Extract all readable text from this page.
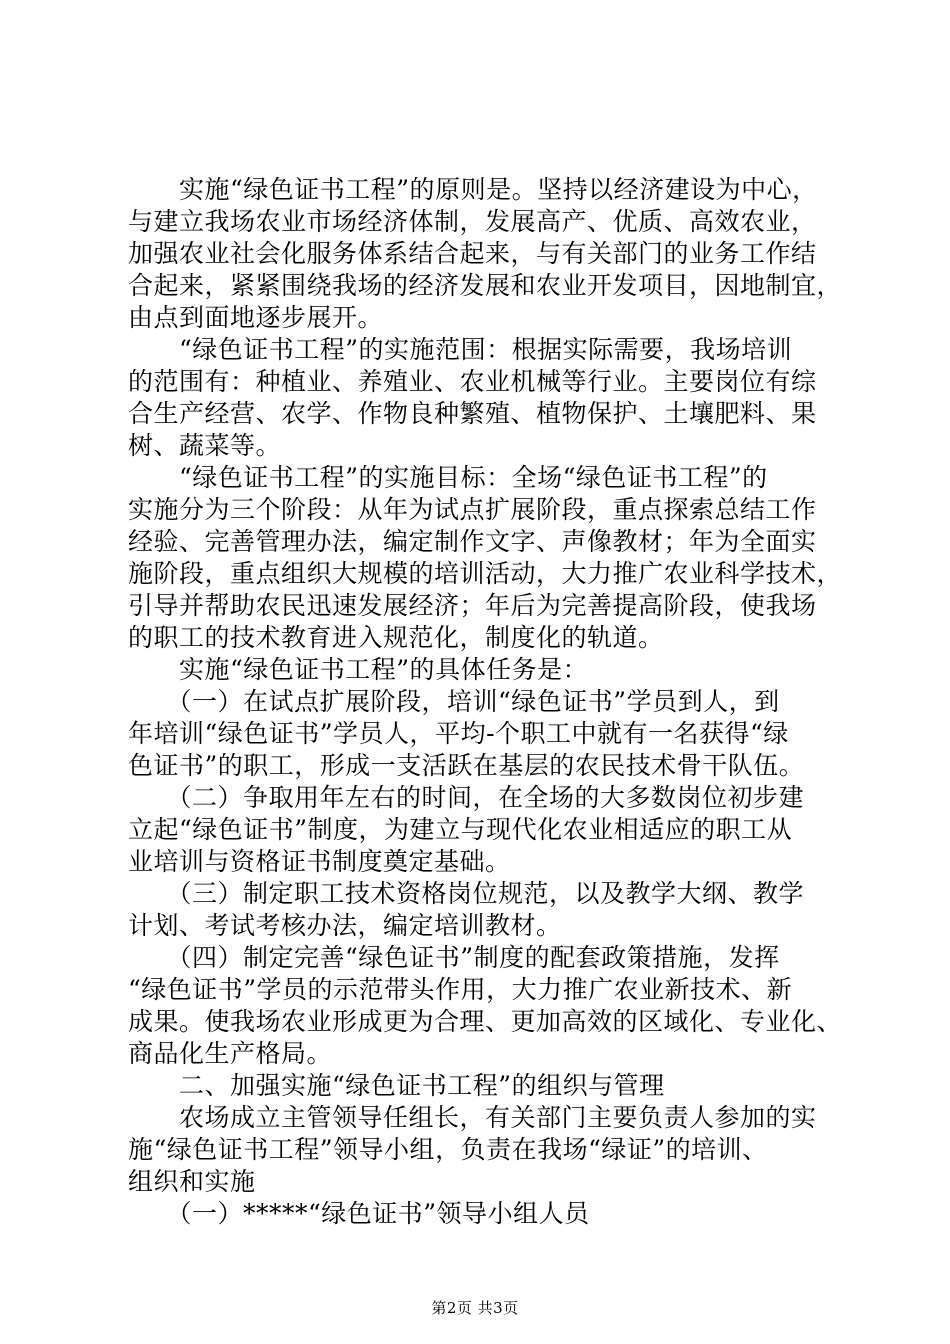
　　实施“绿色证书工程”的原则是。坚持以经济建设为中心，
与建立我场农业市场经济体制，发展高产、优质、高效农业，
加强农业社会化服务体系结合起来，与有关部门的业务工作结
合起来，紧紧围绕我场的经济发展和农业开发项目，因地制宜，
由点到面地逐步展开。
　　“绿色证书工程”的实施范围：根据实际需要，我场培训
的范围有：种植业、养殖业、农业机械等行业。主要岗位有综
合生产经营、农学、作物良种繁殖、植物保护、土壤肥料、果
树、蔬菜等。
　　“绿色证书工程”的实施目标：全场“绿色证书工程”的
实施分为三个阶段：从年为试点扩展阶段，重点探索总结工作
经验、完善管理办法，编定制作文字、声像教材；年为全面实
施阶段，重点组织大规模的培训活动，大力推广农业科学技术，
引导并帮助农民迅速发展经济；年后为完善提高阶段，使我场
的职工的技术教育进入规范化，制度化的轨道。
　　实施“绿色证书工程”的具体任务是：
　　（一）在试点扩展阶段，培训“绿色证书”学员到人，到
年培训“绿色证书”学员人，平均-个职工中就有一名获得“绿
色证书”的职工，形成一支活跃在基层的农民技术骨干队伍。
　　（二）争取用年左右的时间，在全场的大多数岗位初步建
立起“绿色证书”制度，为建立与现代化农业相适应的职工从
业培训与资格证书制度奠定基础。
　　（三）制定职工技术资格岗位规范，以及教学大纲、教学
计划、考试考核办法，编定培训教材。
　　（四）制定完善“绿色证书”制度的配套政策措施，发挥
“绿色证书”学员的示范带头作用，大力推广农业新技术、新
成果。使我场农业形成更为合理、更加高效的区域化、专业化、
商品化生产格局。
　　二、加强实施“绿色证书工程”的组织与管理
　　农场成立主管领导任组长，有关部门主要负责人参加的实
施“绿色证书工程”领导小组，负责在我场“绿证”的培训、
组织和实施
　　（一）*****“绿色证书”领导小组人员
第2页 共3页
